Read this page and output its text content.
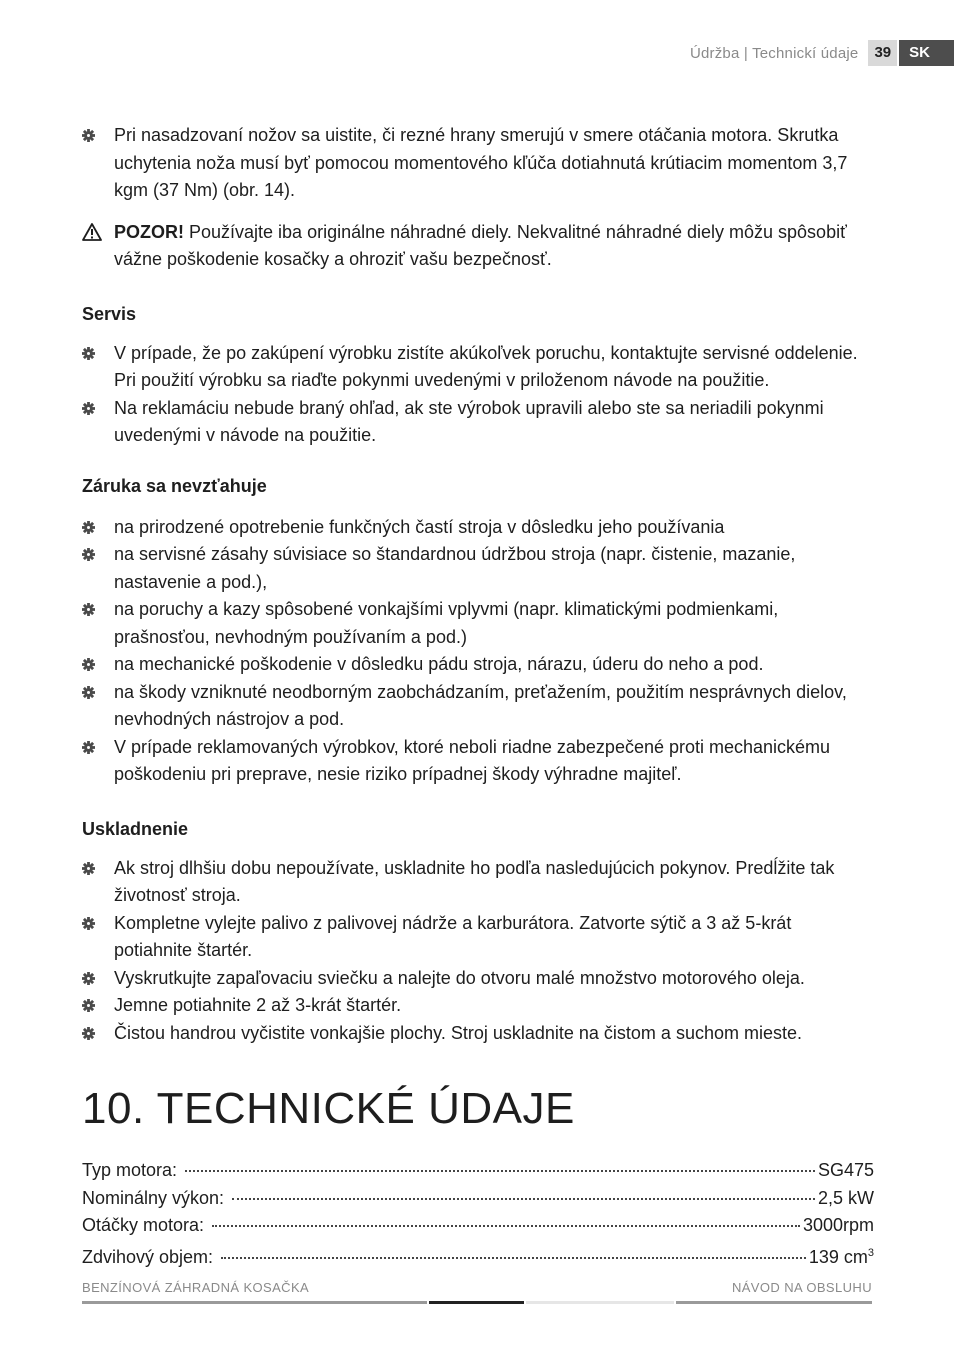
Údržba | Technickí údaje	39	SK
Pri nasadzovaní nožov sa uistite, či rezné hrany smerujú v smere otáčania motora. Skrutka uchytenia noža musí byť pomocou momentového kľúča dotiahnutá krútiacim momentom 3,7 kgm (37 Nm) (obr. 14).
POZOR! Používajte iba originálne náhradné diely. Nekvalitné náhradné diely môžu spôsobiť vážne poškodenie kosačky a ohroziť vašu bezpečnosť.
Servis
V prípade, že po zakúpení výrobku zistíte akúkoľvek poruchu, kontaktujte servisné oddelenie. Pri použití výrobku sa riaďte pokynmi uvedenými v priloženom návode na použitie.
Na reklamáciu nebude braný ohľad, ak ste výrobok upravili alebo ste sa neriadili pokynmi uvedenými v návode na použitie.
Záruka sa nevzťahuje
na prirodzené opotrebenie funkčných častí stroja v dôsledku jeho používania
na servisné zásahy súvisiace so štandardnou údržbou stroja (napr. čistenie, mazanie, nastavenie a pod.),
na poruchy a kazy spôsobené vonkajšími vplyvmi (napr. klimatickými podmienkami, prašnosťou, nevhodným používaním a pod.)
na mechanické poškodenie v dôsledku pádu stroja, nárazu, úderu do neho a pod.
na škody vzniknuté neodborným zaobchádzaním, preťažením, použitím nesprávnych dielov, nevhodných nástrojov a pod.
V prípade reklamovaných výrobkov, ktoré neboli riadne zabezpečené proti mechanickému poškodeniu pri preprave, nesie riziko prípadnej škody výhradne majiteľ.
Uskladnenie
Ak stroj dlhšiu dobu nepoužívate, uskladnite ho podľa nasledujúcich pokynov. Predĺžite tak životnosť stroja.
Kompletne vylejte palivo z palivovej nádrže a karburátora. Zatvorte sýtič a 3 až 5-krát potiahnite štartér.
Vyskrutkujte zapaľovaciu sviečku a nalejte do otvoru malé množstvo motorového oleja.
Jemne potiahnite 2 až 3-krát štartér.
Čistou handrou vyčistite vonkajšie plochy. Stroj uskladnite na čistom a suchom mieste.
10. TECHNICKÉ ÚDAJE
Typ motora:	SG475
Nominálny výkon:	2,5 kW
Otáčky motora:	3000rpm
Zdvihový objem:	139 $cm^3$
BENZÍNOVÁ ZÁHRADNÁ KOSAČKA	NÁVOD NA OBSLUHU
